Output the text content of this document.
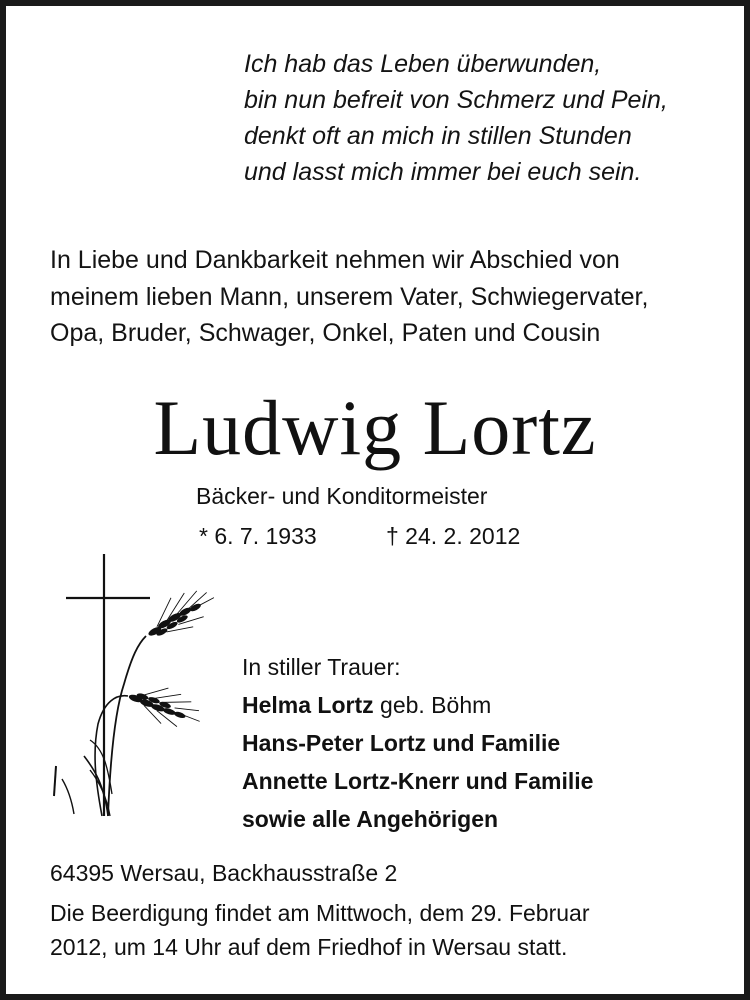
Ich hab das Leben überwunden,
bin nun befreit von Schmerz und Pein,
denkt oft an mich in stillen Stunden
und lasst mich immer bei euch sein.
In Liebe und Dankbarkeit nehmen wir Abschied von
meinem lieben Mann, unserem Vater, Schwiegervater,
Opa, Bruder, Schwager, Onkel, Paten und Cousin
Ludwig Lortz
Bäcker- und Konditormeister
* 6. 7. 1933	† 24. 2. 2012
In stiller Trauer:
Helma Lortz geb. Böhm
Hans-Peter Lortz und Familie
Annette Lortz-Knerr und Familie
sowie alle Angehörigen
64395 Wersau, Backhausstraße 2
Die Beerdigung findet am Mittwoch, dem 29. Februar
2012, um 14 Uhr auf dem Friedhof in Wersau statt.
